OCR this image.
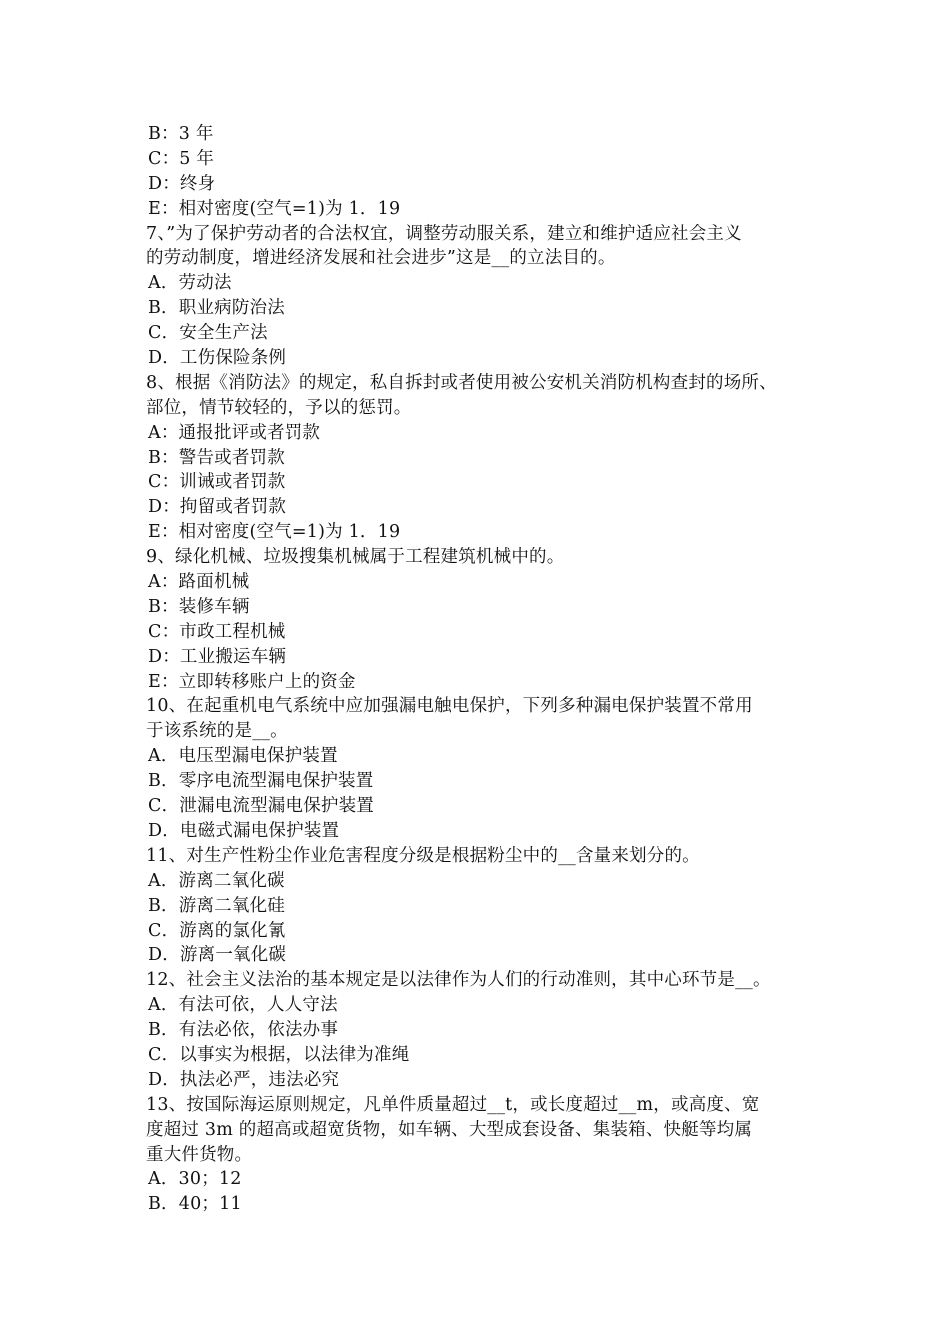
B：3 年
C：5 年
D：终身
E：相对密度(空气=1)为 1．19
7、”为了保护劳动者的合法权宜，调整劳动服关系，建立和维护适应社会主义
的劳动制度，增进经济发展和社会进步”这是__的立法目的。
A．劳动法
B．职业病防治法
C．安全生产法
D．工伤保险条例
8、根据《消防法》的规定，私自拆封或者使用被公安机关消防机构查封的场所、
部位，情节较轻的，予以的惩罚。
A：通报批评或者罚款
B：警告或者罚款
C：训诫或者罚款
D：拘留或者罚款
E：相对密度(空气=1)为 1．19
9、绿化机械、垃圾搜集机械属于工程建筑机械中的。
A：路面机械
B：装修车辆
C：市政工程机械
D：工业搬运车辆
E：立即转移账户上的资金
10、在起重机电气系统中应加强漏电触电保护，下列多种漏电保护装置不常用
于该系统的是__。
A．电压型漏电保护装置
B．零序电流型漏电保护装置
C．泄漏电流型漏电保护装置
D．电磁式漏电保护装置
11、对生产性粉尘作业危害程度分级是根据粉尘中的__含量来划分的。
A．游离二氧化碳
B．游离二氧化硅
C．游离的氯化氰
D．游离一氧化碳
12、社会主义法治的基本规定是以法律作为人们的行动准则，其中心环节是__。
A．有法可依，人人守法
B．有法必依，依法办事
C．以事实为根据，以法律为准绳
D．执法必严，违法必究
13、按国际海运原则规定，凡单件质量超过__t，或长度超过__m，或高度、宽
度超过 3m 的超高或超宽货物，如车辆、大型成套设备、集装箱、快艇等均属
重大件货物。
A．30；12
B．40；11
